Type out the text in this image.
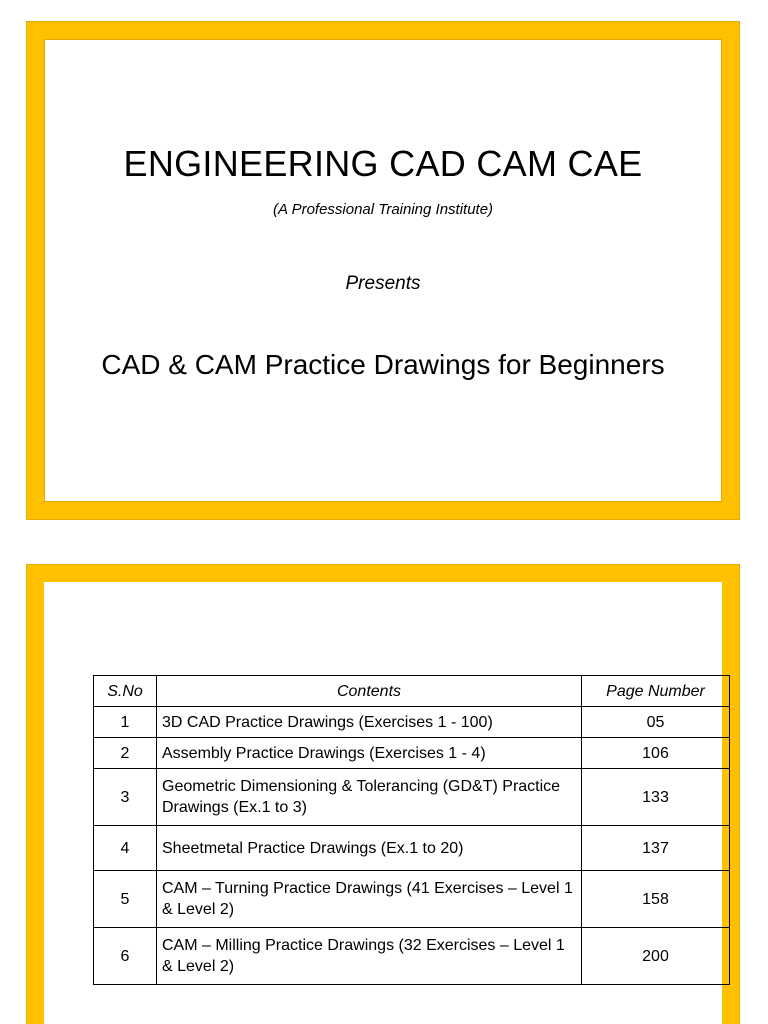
ENGINEERING CAD CAM CAE
(A Professional Training Institute)
Presents
CAD & CAM Practice Drawings for Beginners
S.No	Contents	Page Number
1	3D CAD Practice Drawings (Exercises 1 - 100)	05
2	Assembly Practice Drawings (Exercises 1 - 4)	106
3	Geometric Dimensioning & Tolerancing (GD&T) Practice Drawings (Ex.1 to 3)	133
4	Sheetmetal Practice Drawings (Ex.1 to 20)	137
5	CAM – Turning Practice Drawings (41 Exercises – Level 1 & Level 2)	158
6	CAM – Milling Practice Drawings (32 Exercises – Level 1 & Level 2)	200
